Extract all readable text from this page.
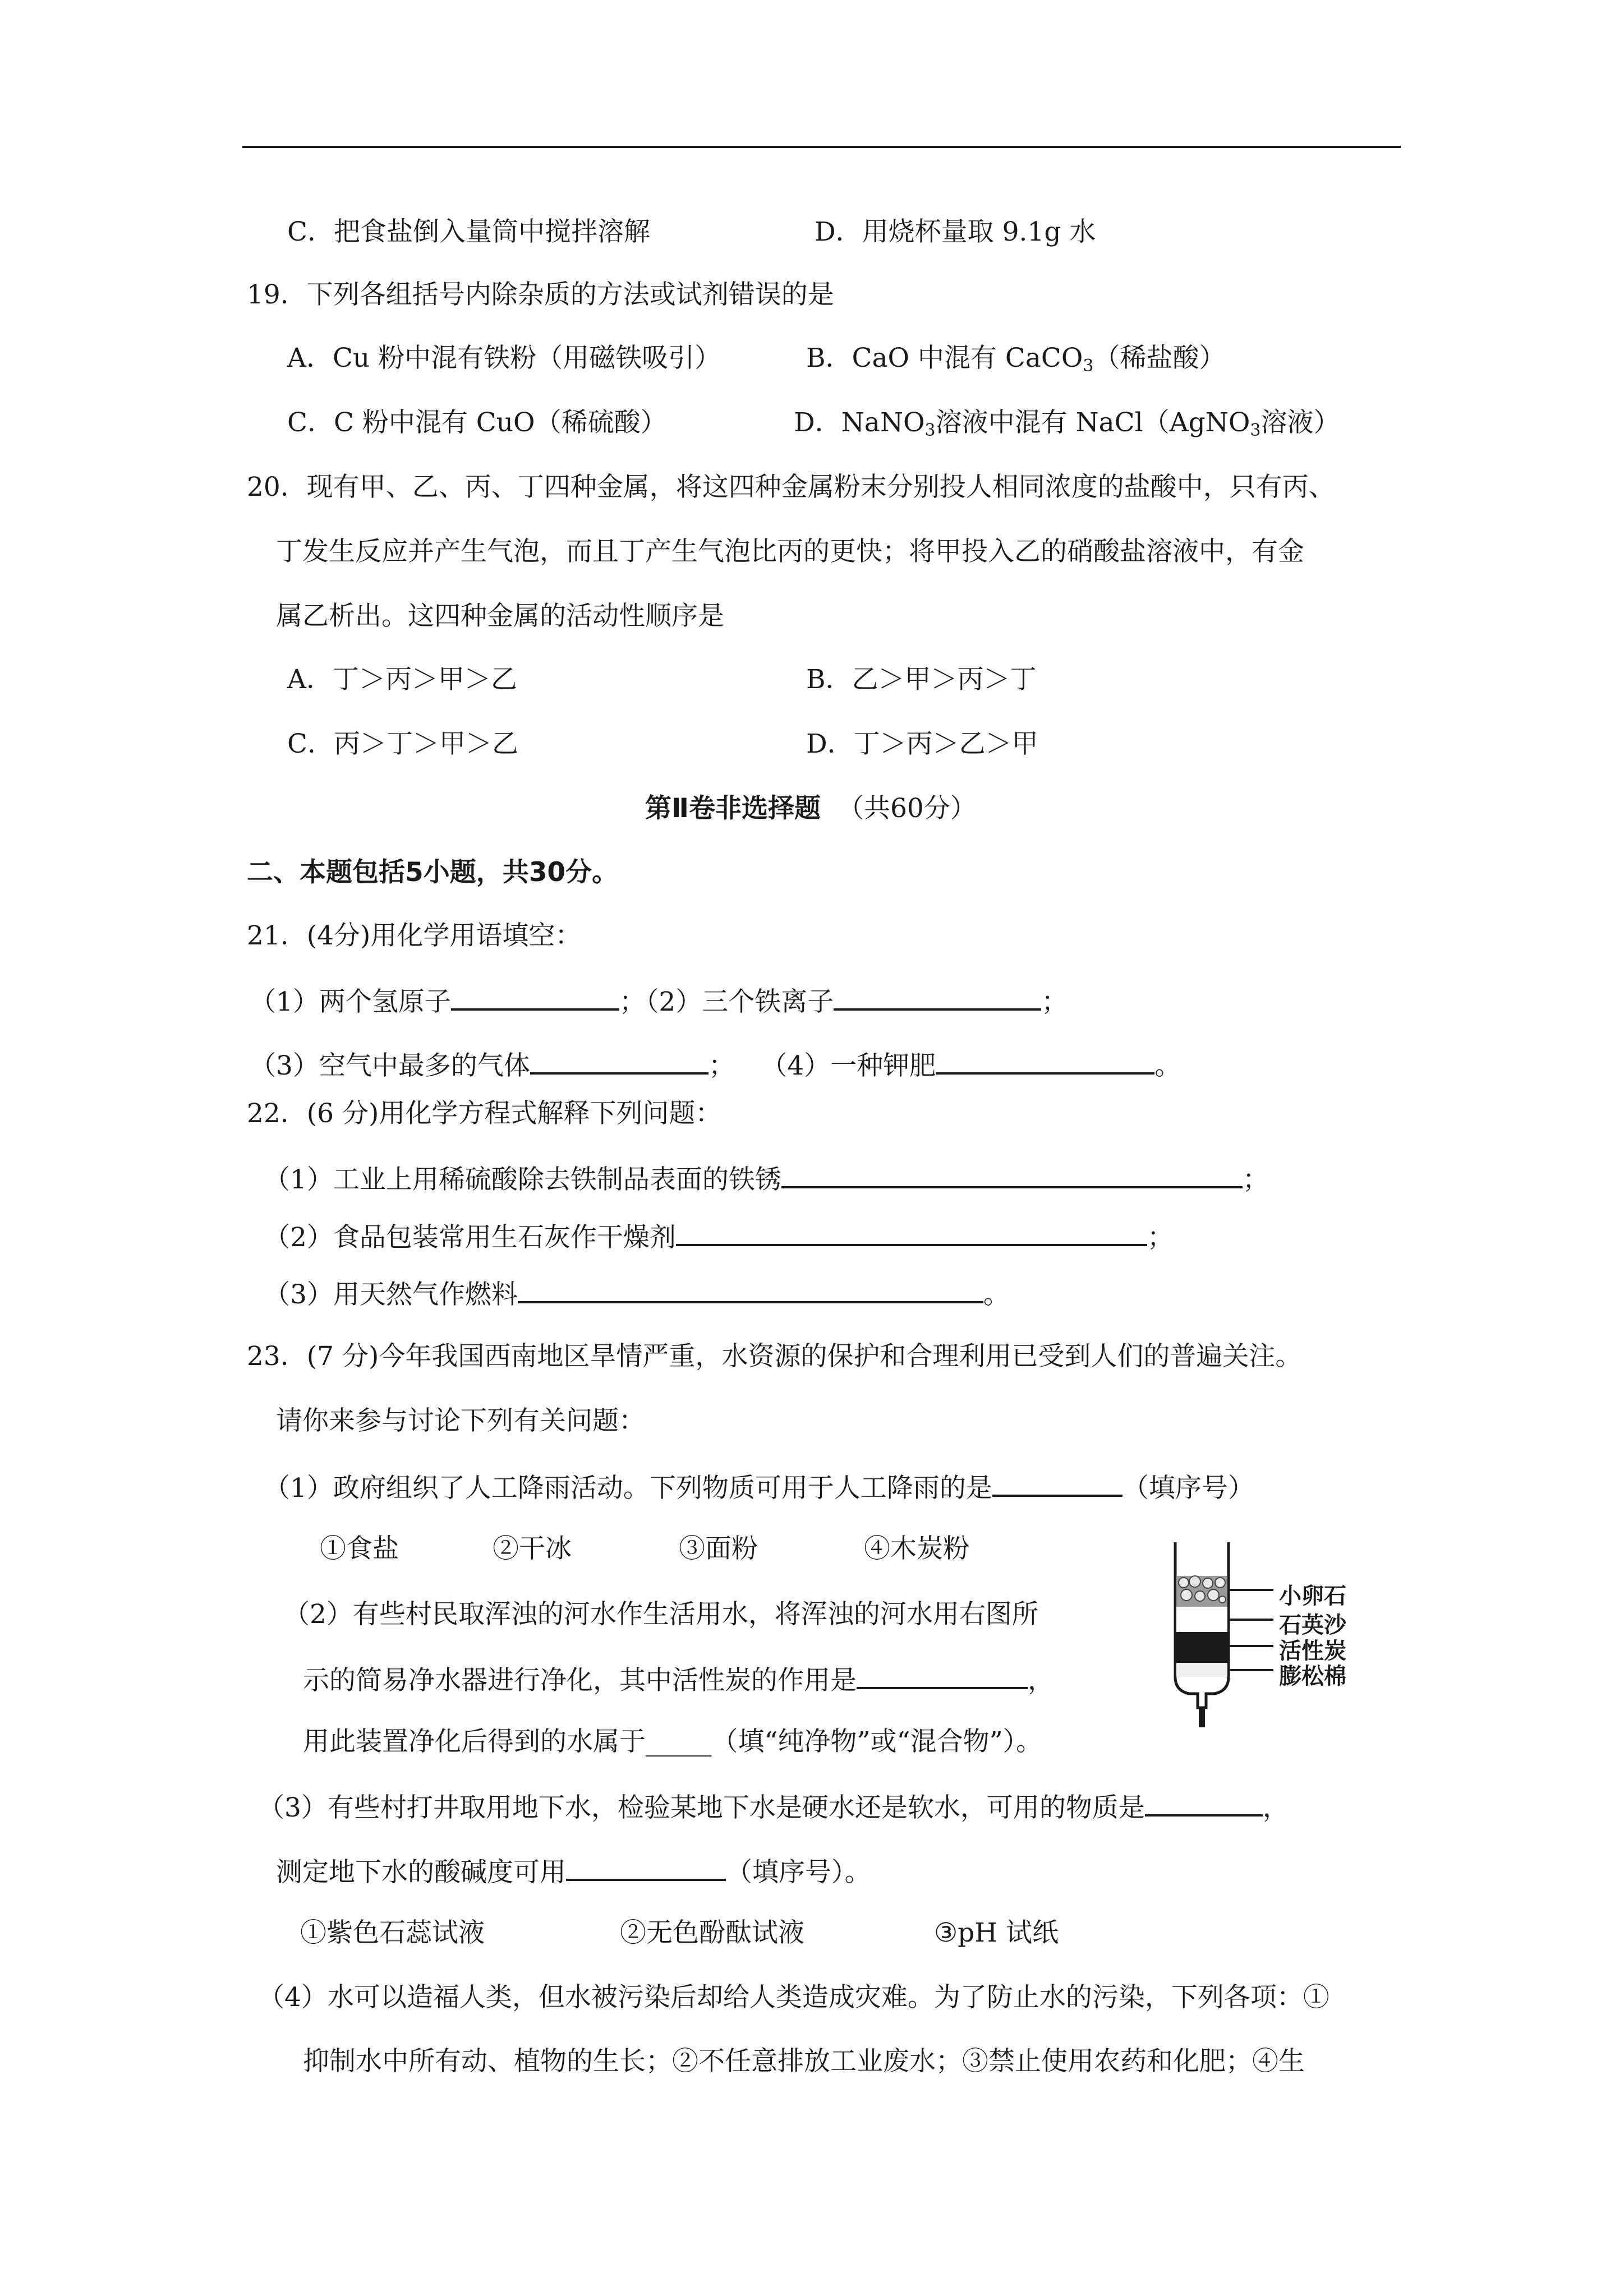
C．把食盐倒入量筒中搅拌溶解	D．用烧杯量取 9.1g 水
19．下列各组括号内除杂质的方法或试剂错误的是
A．Cu 粉中混有铁粉（用磁铁吸引）	B．CaO 中混有 CaCO$_3$（稀盐酸）
C．C 粉中混有 CuO（稀硫酸）	D．NaNO$_3$溶液中混有 NaCl（AgNO$_3$溶液）
20．现有甲、乙、丙、丁四种金属，将这四种金属粉末分别投人相同浓度的盐酸中，只有丙、
丁发生反应并产生气泡，而且丁产生气泡比丙的更快；将甲投入乙的硝酸盐溶液中，有金
属乙析出。这四种金属的活动性顺序是
A．丁＞丙＞甲＞乙	B．乙＞甲＞丙＞丁
C．丙＞丁＞甲＞乙	D．丁＞丙＞乙＞甲
第Ⅱ卷非选择题 （共60分）
二、本题包括5小题，共30分。
21．(4分)用化学用语填空：
（1）两个氢原子	；（2）三个铁离子	；
（3）空气中最多的气体	； （4）一种钾肥	。
22．(6 分)用化学方程式解释下列问题：
（1）工业上用稀硫酸除去铁制品表面的铁锈	；
（2）食品包装常用生石灰作干燥剂	；
（3）用天然气作燃料	。
23．(7 分)今年我国西南地区旱情严重，水资源的保护和合理利用已受到人们的普遍关注。
请你来参与讨论下列有关问题：
（1）政府组织了人工降雨活动。下列物质可用于人工降雨的是	（填序号）
①食盐	②干冰	③面粉	④木炭粉
（2）有些村民取浑浊的河水作生活用水，将浑浊的河水用右图所
示的简易净水器进行净化，其中活性炭的作用是	，
用此装置净化后得到的水属于_____（填“纯净物”或“混合物”）。
小卵石
石英沙
活性炭
膨松棉
（3）有些村打井取用地下水，检验某地下水是硬水还是软水，可用的物质是	，
测定地下水的酸碱度可用	（填序号）。
①紫色石蕊试液	②无色酚酞试液	③pH 试纸
（4）水可以造福人类，但水被污染后却给人类造成灾难。为了防止水的污染，下列各项：①
抑制水中所有动、植物的生长；②不任意排放工业废水；③禁止使用农药和化肥；④生
